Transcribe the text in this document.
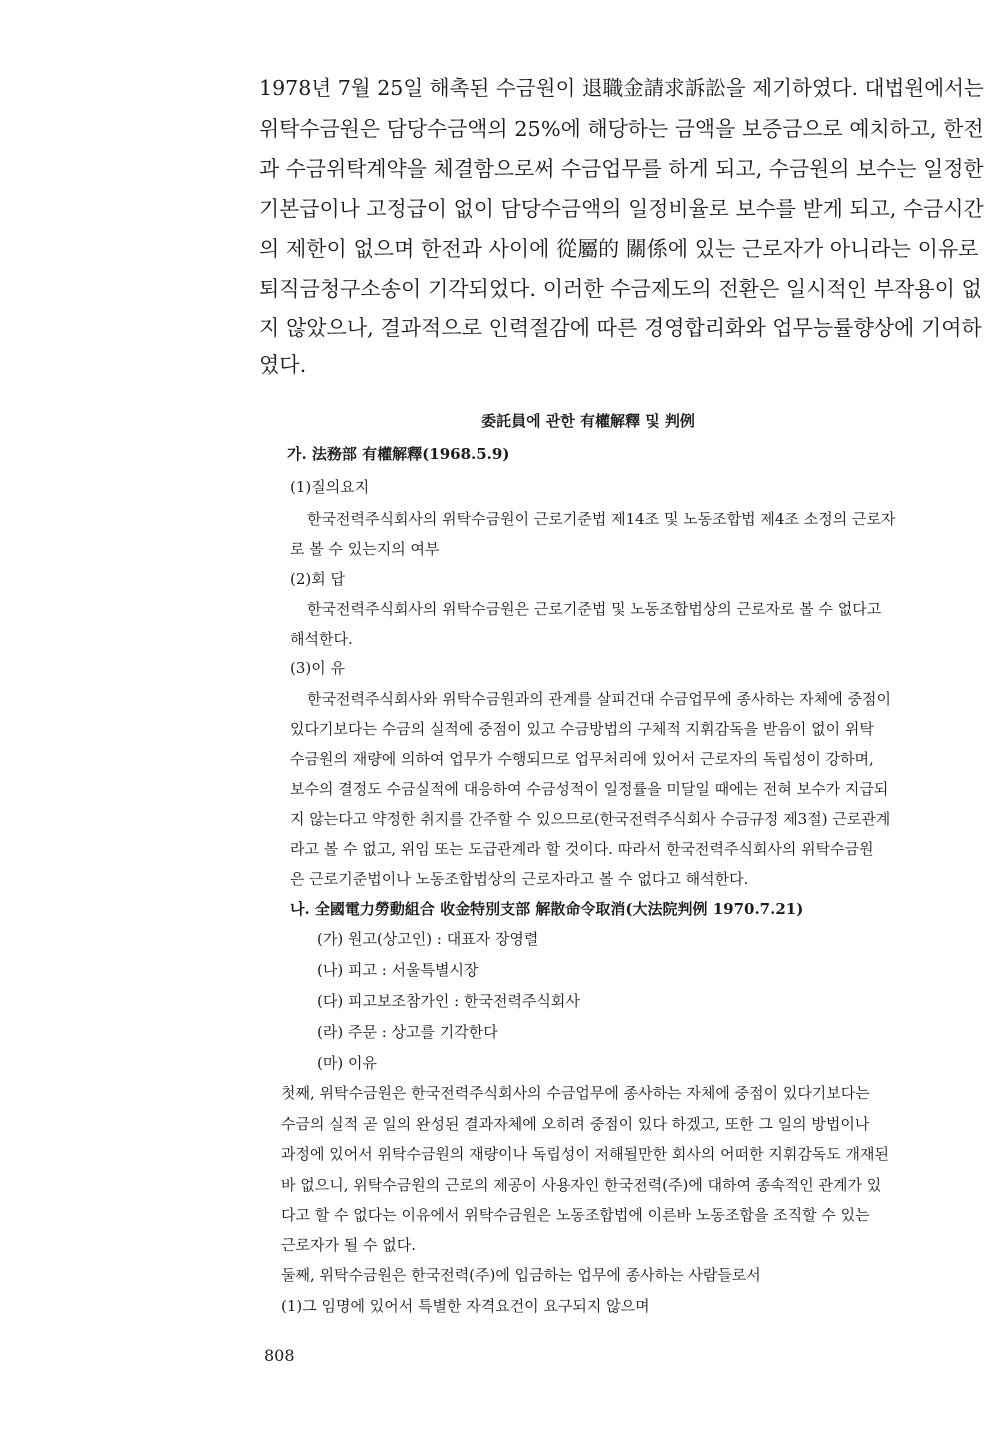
1978년 7월 25일 해촉된 수금원이 退職金請求訴訟을 제기하였다. 대법원에서는
위탁수금원은 담당수금액의 25%에 해당하는 금액을 보증금으로 예치하고, 한전
과 수금위탁계약을 체결함으로써 수금업무를 하게 되고, 수금원의 보수는 일정한
기본급이나 고정급이 없이 담당수금액의 일정비율로 보수를 받게 되고, 수금시간
의 제한이 없으며 한전과 사이에 從屬的 關係에 있는 근로자가 아니라는 이유로
퇴직금청구소송이 기각되었다. 이러한 수금제도의 전환은 일시적인 부작용이 없
지 않았으나, 결과적으로 인력절감에 따른 경영합리화와 업무능률향상에 기여하
였다.
委託員에 관한 有權解釋 및 判例
가. 法務部 有權解釋(1968.5.9)
(1)질의요지
한국전력주식회사의 위탁수금원이 근로기준법 제14조 및 노동조합법 제4조 소정의 근로자
로 볼 수 있는지의 여부
(2)회 답
한국전력주식회사의 위탁수금원은 근로기준법 및 노동조합법상의 근로자로 볼 수 없다고
해석한다.
(3)이 유
한국전력주식회사와 위탁수금원과의 관계를 살피건대 수금업무에 종사하는 자체에 중점이
있다기보다는 수금의 실적에 중점이 있고 수금방법의 구체적 지휘감독을 받음이 없이 위탁
수금원의 재량에 의하여 업무가 수행되므로 업무처리에 있어서 근로자의 독립성이 강하며,
보수의 결정도 수금실적에 대응하여 수금성적이 일정률을 미달일 때에는 전혀 보수가 지급되
지 않는다고 약정한 취지를 간주할 수 있으므로(한국전력주식회사 수금규정 제3절) 근로관계
라고 볼 수 없고, 위임 또는 도급관계라 할 것이다. 따라서 한국전력주식회사의 위탁수금원
은 근로기준법이나 노동조합법상의 근로자라고 볼 수 없다고 해석한다.
나. 全國電力勞動組合 收金特別支部 解散命令取消(大法院判例 1970.7.21)
(가) 원고(상고인) : 대표자 장영렬
(나) 피고 : 서울특별시장
(다) 피고보조참가인 : 한국전력주식회사
(라) 주문 : 상고를 기각한다
(마) 이유
첫째, 위탁수금원은 한국전력주식회사의 수금업무에 종사하는 자체에 중점이 있다기보다는
수금의 실적 곧 일의 완성된 결과자체에 오히려 중점이 있다 하겠고, 또한 그 일의 방법이나
과정에 있어서 위탁수금원의 재량이나 독립성이 저해될만한 회사의 어떠한 지휘감독도 개재된
바 없으니, 위탁수금원의 근로의 제공이 사용자인 한국전력(주)에 대하여 종속적인 관계가 있
다고 할 수 없다는 이유에서 위탁수금원은 노동조합법에 이른바 노동조합을 조직할 수 있는
근로자가 될 수 없다.
둘째, 위탁수금원은 한국전력(주)에 입금하는 업무에 종사하는 사람들로서
(1)그 임명에 있어서 특별한 자격요건이 요구되지 않으며
808
